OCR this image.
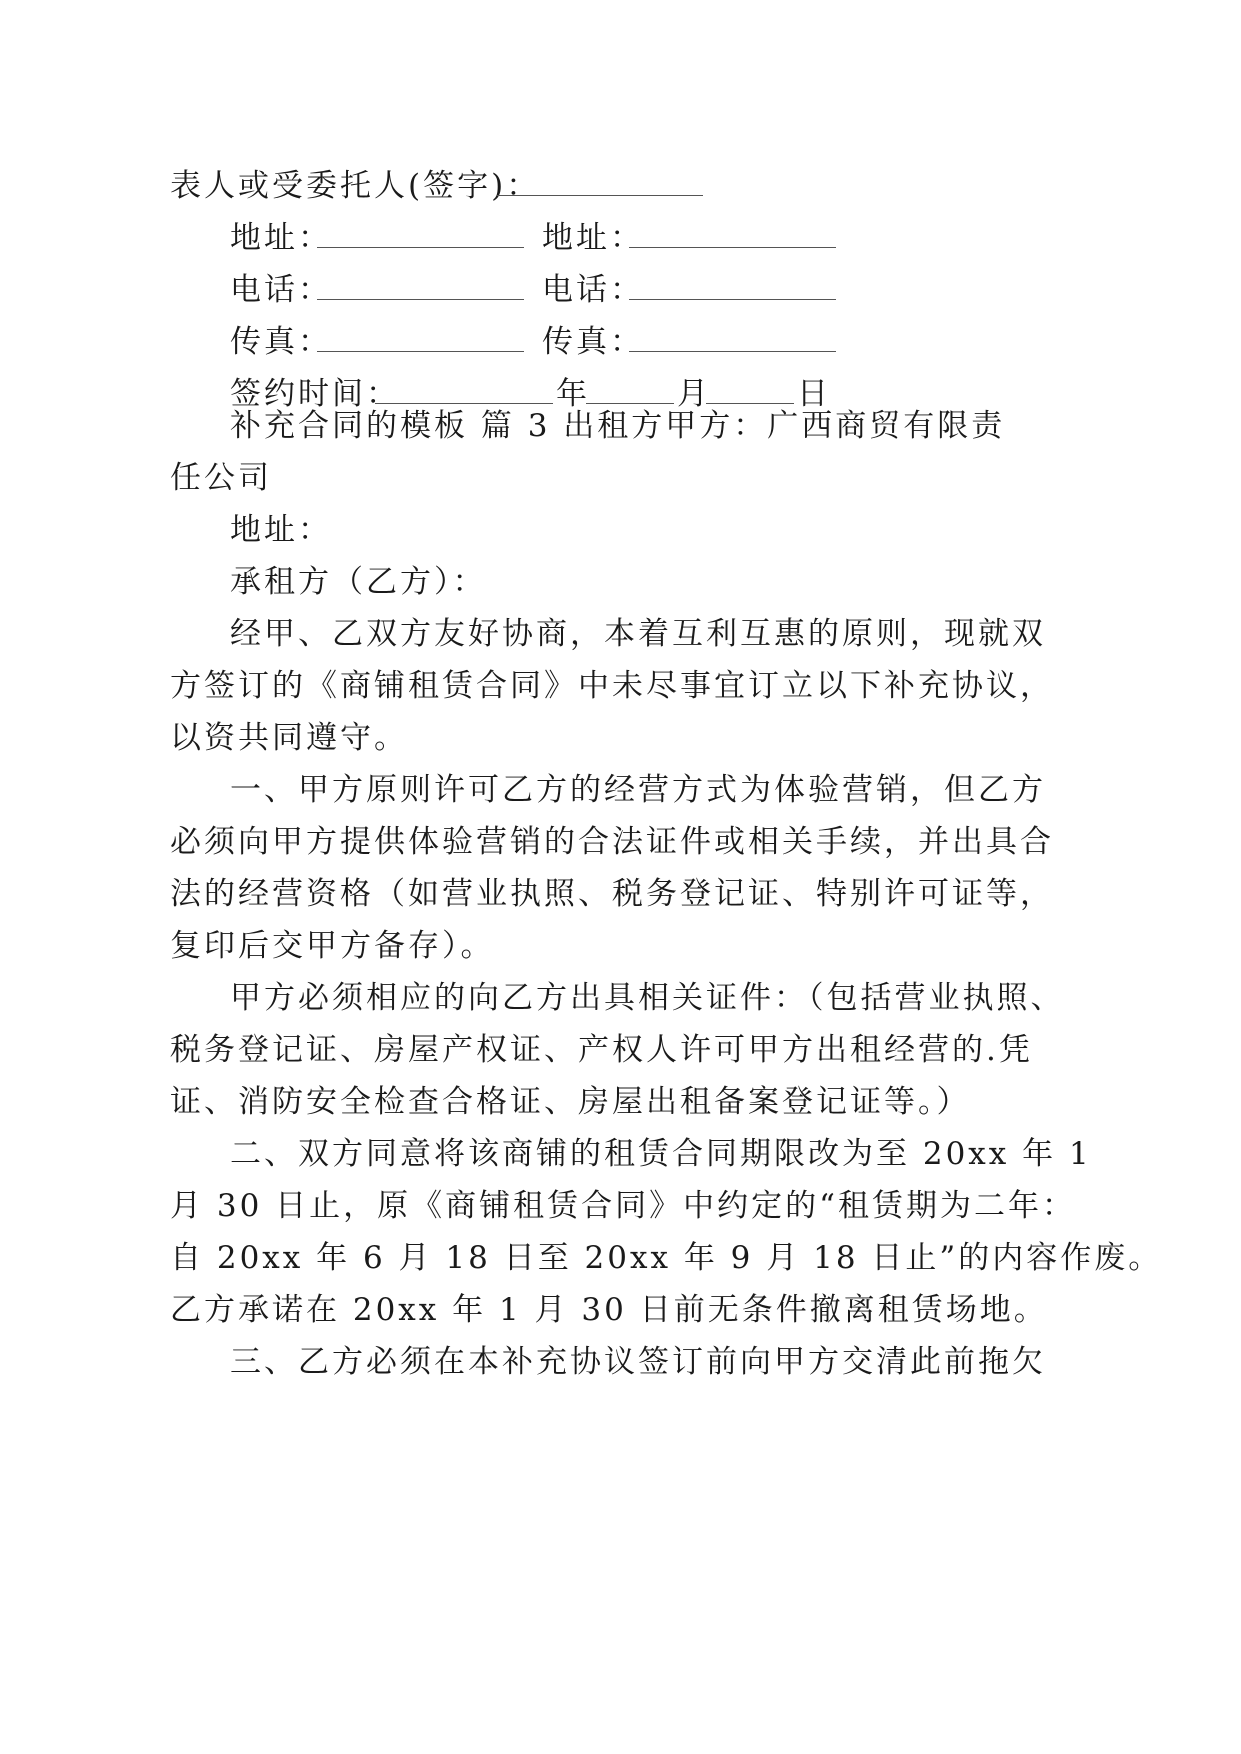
表人或受委托人(签字)：
地址：	地址：
电话：	电话：
传真：	传真：
签约时间：	年	月	日
补充合同的模板 篇 3 出租方甲方：广西商贸有限责
任公司
地址：
承租方（乙方）：
经甲、乙双方友好协商，本着互利互惠的原则，现就双
方签订的《商铺租赁合同》中未尽事宜订立以下补充协议，
以资共同遵守。
一、甲方原则许可乙方的经营方式为体验营销，但乙方
必须向甲方提供体验营销的合法证件或相关手续，并出具合
法的经营资格（如营业执照、税务登记证、特别许可证等，
复印后交甲方备存）。
甲方必须相应的向乙方出具相关证件：（包括营业执照、
税务登记证、房屋产权证、产权人许可甲方出租经营的.凭
证、消防安全检查合格证、房屋出租备案登记证等。）
二、双方同意将该商铺的租赁合同期限改为至 20xx 年 1
月 30 日止，原《商铺租赁合同》中约定的“租赁期为二年：
自 20xx 年 6 月 18 日至 20xx 年 9 月 18 日止”的内容作废。
乙方承诺在 20xx 年 1 月 30 日前无条件撤离租赁场地。
三、乙方必须在本补充协议签订前向甲方交清此前拖欠
